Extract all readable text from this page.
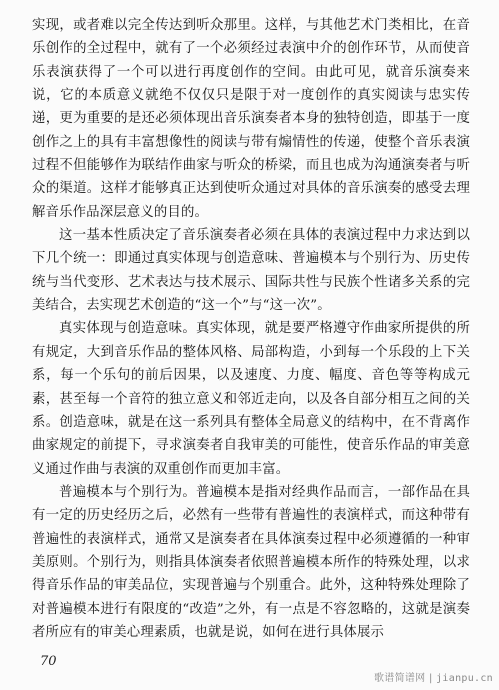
实现，或者难以完全传达到听众那里。这样，与其他艺术门类相比，在音乐创作的全过程中，就有了一个必须经过表演中介的创作环节，从而使音乐表演获得了一个可以进行再度创作的空间。由此可见，就音乐演奏来说，它的本质意义就绝不仅仅只是限于对一度创作的真实阅读与忠实传递，更为重要的是还必须体现出音乐演奏者本身的独特创造，即基于一度创作之上的具有丰富想像性的阅读与带有煽情性的传递，使整个音乐表演过程不但能够作为联结作曲家与听众的桥梁，而且也成为沟通演奏者与听众的渠道。这样才能够真正达到使听众通过对具体的音乐演奏的感受去理解音乐作品深层意义的目的。

这一基本性质决定了音乐演奏者必须在具体的表演过程中力求达到以下几个统一：即通过真实体现与创造意味、普遍模本与个别行为、历史传统与当代变形、艺术表达与技术展示、国际共性与民族个性诸多关系的完美结合，去实现艺术创造的“这一个”与“这一次”。

真实体现与创造意味。真实体现，就是要严格遵守作曲家所提供的所有规定，大到音乐作品的整体风格、局部构造，小到每一个乐段的上下关系，每一个乐句的前后因果，以及速度、力度、幅度、音色等等构成元素，甚至每一个音符的独立意义和邻近走向，以及各自部分相互之间的关系。创造意味，就是在这一系列具有整体全局意义的结构中，在不背离作曲家规定的前提下，寻求演奏者自我审美的可能性，使音乐作品的审美意义通过作曲与表演的双重创作而更加丰富。

普遍模本与个别行为。普遍模本是指对经典作品而言，一部作品在具有一定的历史经历之后，必然有一些带有普遍性的表演样式，而这种带有普遍性的表演样式，通常又是演奏者在具体演奏过程中必须遵循的一种审美原则。个别行为，则指具体演奏者依照普遍模本所作的特殊处理，以求得音乐作品的审美品位，实现普遍与个别重合。此外，这种特殊处理除了对普遍模本进行有限度的“改造”之外，有一点是不容忽略的，这就是演奏者所应有的审美心理素质，也就是说，如何在进行具体展示

70
歌谱简谱网 | jianpu.cn
